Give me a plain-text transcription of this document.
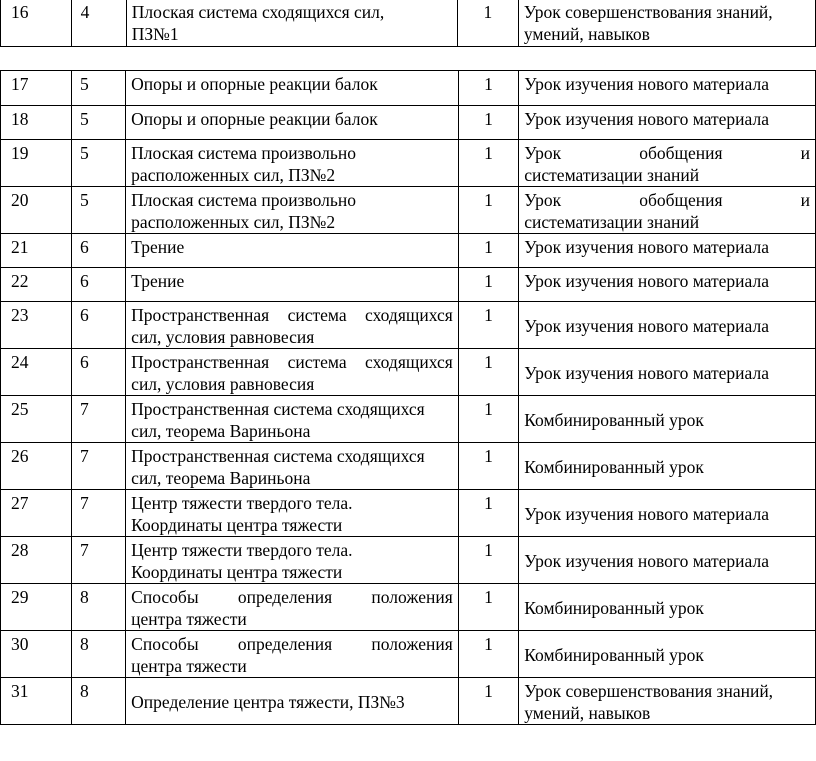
16	4	Плоская система сходящихся сил,
ПЗ№1
	1	Урок совершенствования знаний,
умений, навыков
17	5	Опоры и опорные реакции балок	1	Урок изучения нового материала

18	5	Опоры и опорные реакции балок	1	Урок изучения нового материала

19	5	Плоская система произвольно
расположенных сил, ПЗ№2	1	Урок обобщения и
систематизации знаний

20	5	Плоская система произвольно
расположенных сил, ПЗ№2	1	Урок обобщения и
систематизации знаний

21	6	Трение	1	Урок изучения нового материала

22	6	Трение	1	Урок изучения нового материала

23	6	Пространственная система сходящихся
сил, условия равновесия	1	Урок изучения нового материала

24	6	Пространственная система сходящихся
сил, условия равновесия	1	Урок изучения нового материала

25	7	Пространственная система сходящихся
сил, теорема Вариньона	1	Комбинированный урок

26	7	Пространственная система сходящихся
сил, теорема Вариньона	1	Комбинированный урок

27	7	Центр тяжести твердого тела.
Координаты центра тяжести	1	Урок изучения нового материала

28	7	Центр тяжести твердого тела.
Координаты центра тяжести	1	Урок изучения нового материала

29	8	Способы определения положения
центра тяжести	1	Комбинированный урок

30	8	Способы определения положения
центра тяжести	1	Комбинированный урок

31	8	Определение центра тяжести, ПЗ№3	1	Урок совершенствования знаний,
умений, навыков
